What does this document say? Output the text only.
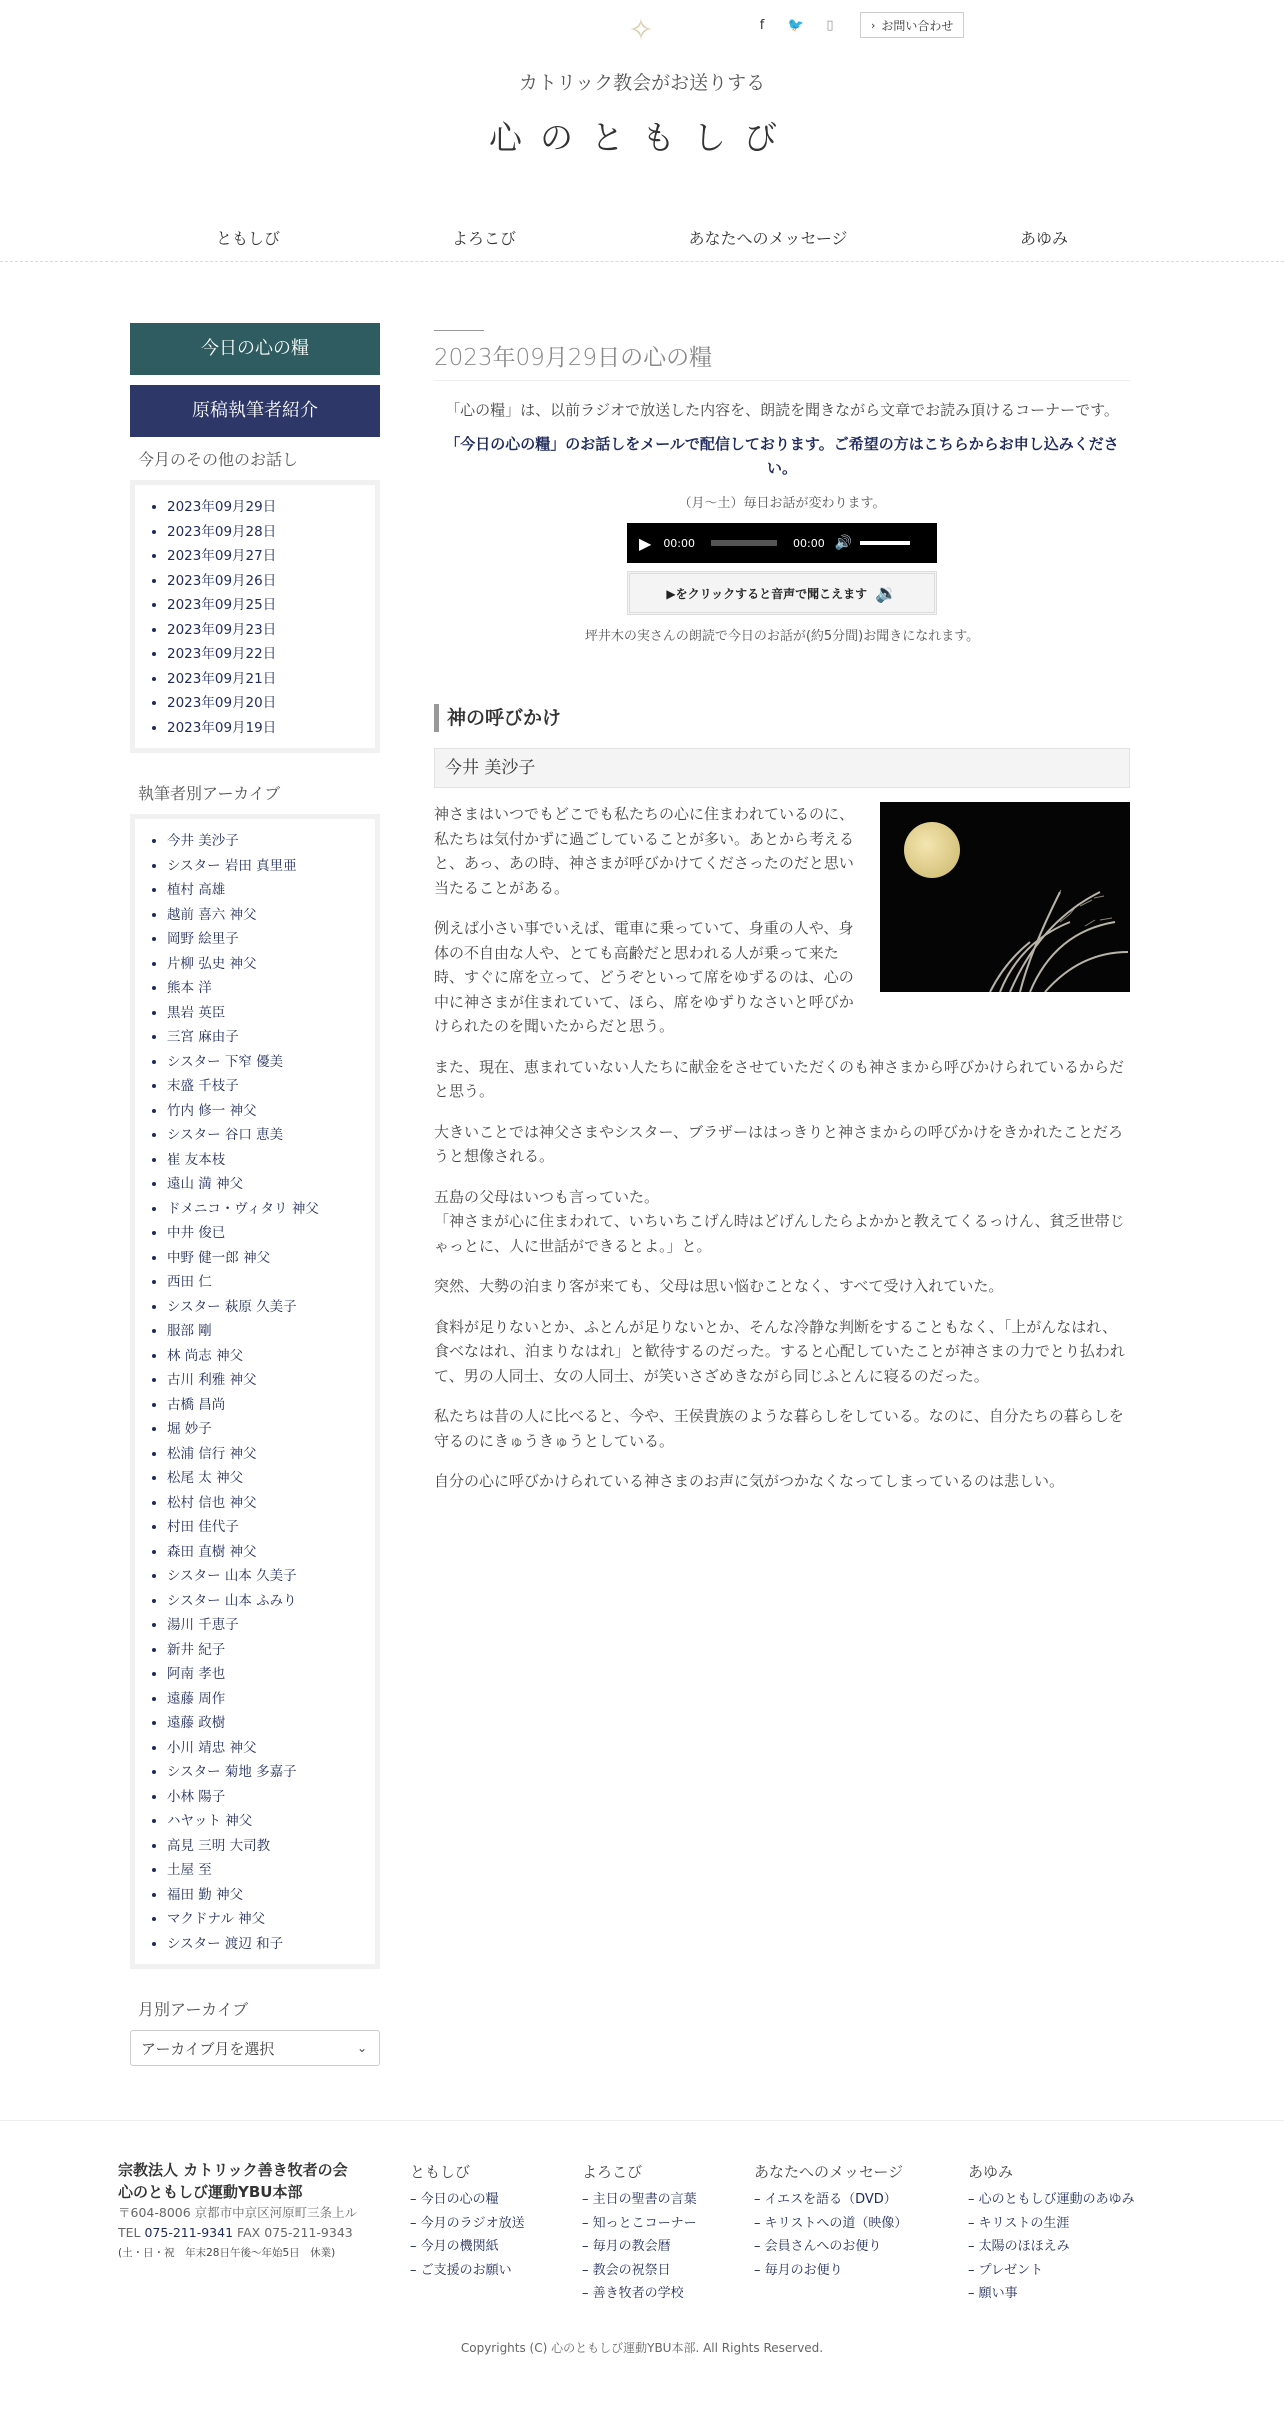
✧	f	🐦	▯	› お問い合わせ
カトリック教会がお送りする
心のともしび
ともしび	よろこび	あなたへのメッセージ	あゆみ
今日の心の糧
原稿執筆者紹介
今月のその他のお話し
• 2023年09月29日
• 2023年09月28日
• 2023年09月27日
• 2023年09月26日
• 2023年09月25日
• 2023年09月23日
• 2023年09月22日
• 2023年09月21日
• 2023年09月20日
• 2023年09月19日
執筆者別アーカイブ
• 今井 美沙子
• シスター 岩田 真里亜
• 植村 高雄
• 越前 喜六 神父
• 岡野 絵里子
• 片柳 弘史 神父
• 熊本 洋
• 黒岩 英臣
• 三宮 麻由子
• シスター 下窄 優美
• 末盛 千枝子
• 竹内 修一 神父
• シスター 谷口 恵美
• 崔 友本枝
• 遠山 満 神父
• ドメニコ・ヴィタリ 神父
• 中井 俊已
• 中野 健一郎 神父
• 西田 仁
• シスター 萩原 久美子
• 服部 剛
• 林 尚志 神父
• 古川 利雅 神父
• 古橋 昌尚
• 堀 妙子
• 松浦 信行 神父
• 松尾 太 神父
• 松村 信也 神父
• 村田 佳代子
• 森田 直樹 神父
• シスター 山本 久美子
• シスター 山本 ふみり
• 湯川 千恵子
• 新井 紀子
• 阿南 孝也
• 遠藤 周作
• 遠藤 政樹
• 小川 靖忠 神父
• シスター 菊地 多嘉子
• 小林 陽子
• ハヤット 神父
• 高見 三明 大司教
• 土屋 至
• 福田 勤 神父
• マクドナル 神父
• シスター 渡辺 和子
月別アーカイブ
アーカイブ月を選択	⌄
2023年09月29日の心の糧

「心の糧」は、以前ラジオで放送した内容を、朗読を聞きながら文章でお読み頂けるコーナーです。

「今日の心の糧」のお話しをメールで配信しております。ご希望の方はこちらからお申し込みください。

（月〜土）毎日お話が変わります。

▶ 00:00	00:00 🔊
▶をクリックすると音声で聞こえます 🔉

坪井木の実さんの朗読で今日のお話が(約5分間)お聞きになれます。

神の呼びかけ
今井 美沙子

神さまはいつでもどこでも私たちの心に住まわれているのに、私たちは気付かずに過ごしていることが多い。あとから考えると、あっ、あの時、神さまが呼びかけてくださったのだと思い当たることがある。

例えば小さい事でいえば、電車に乗っていて、身重の人や、身体の不自由な人や、とても高齢だと思われる人が乗って来た時、すぐに席を立って、どうぞといって席をゆずるのは、心の中に神さまが住まれていて、ほら、席をゆずりなさいと呼びかけられたのを聞いたからだと思う。

また、現在、恵まれていない人たちに献金をさせていただくのも神さまから呼びかけられているからだと思う。

大きいことでは神父さまやシスター、ブラザーははっきりと神さまからの呼びかけをきかれたことだろうと想像される。

五島の父母はいつも言っていた。
「神さまが心に住まわれて、いちいちこげん時はどげんしたらよかかと教えてくるっけん、貧乏世帯じゃっとに、人に世話ができるとよ。」と。

突然、大勢の泊まり客が来ても、父母は思い悩むことなく、すべて受け入れていた。

食料が足りないとか、ふとんが足りないとか、そんな冷静な判断をすることもなく、「上がんなはれ、食べなはれ、泊まりなはれ」と歓待するのだった。すると心配していたことが神さまの力でとり払われて、男の人同士、女の人同士、が笑いさざめきながら同じふとんに寝るのだった。

私たちは昔の人に比べると、今や、王侯貴族のような暮らしをしている。なのに、自分たちの暮らしを守るのにきゅうきゅうとしている。

自分の心に呼びかけられている神さまのお声に気がつかなくなってしまっているのは悲しい。

宗教法人 カトリック善き牧者の会
心のともしび運動YBU本部
〒604-8006 京都市中京区河原町三条上ル
TEL 075-211-9341 FAX 075-211-9343
(土・日・祝　年末28日午後〜年始5日　休業)
ともしび
– 今日の心の糧
– 今月のラジオ放送
– 今月の機関紙
– ご支援のお願い
よろこび
– 主日の聖書の言葉
– 知っとこコーナー
– 毎月の教会暦
– 教会の祝祭日
– 善き牧者の学校
あなたへのメッセージ
– イエスを語る（DVD）
– キリストへの道（映像）
– 会員さんへのお便り
– 毎月のお便り
あゆみ
– 心のともしび運動のあゆみ
– キリストの生涯
– 太陽のほほえみ
– プレゼント
– 願い事
Copyrights (C) 心のともしび運動YBU本部. All Rights Reserved.
